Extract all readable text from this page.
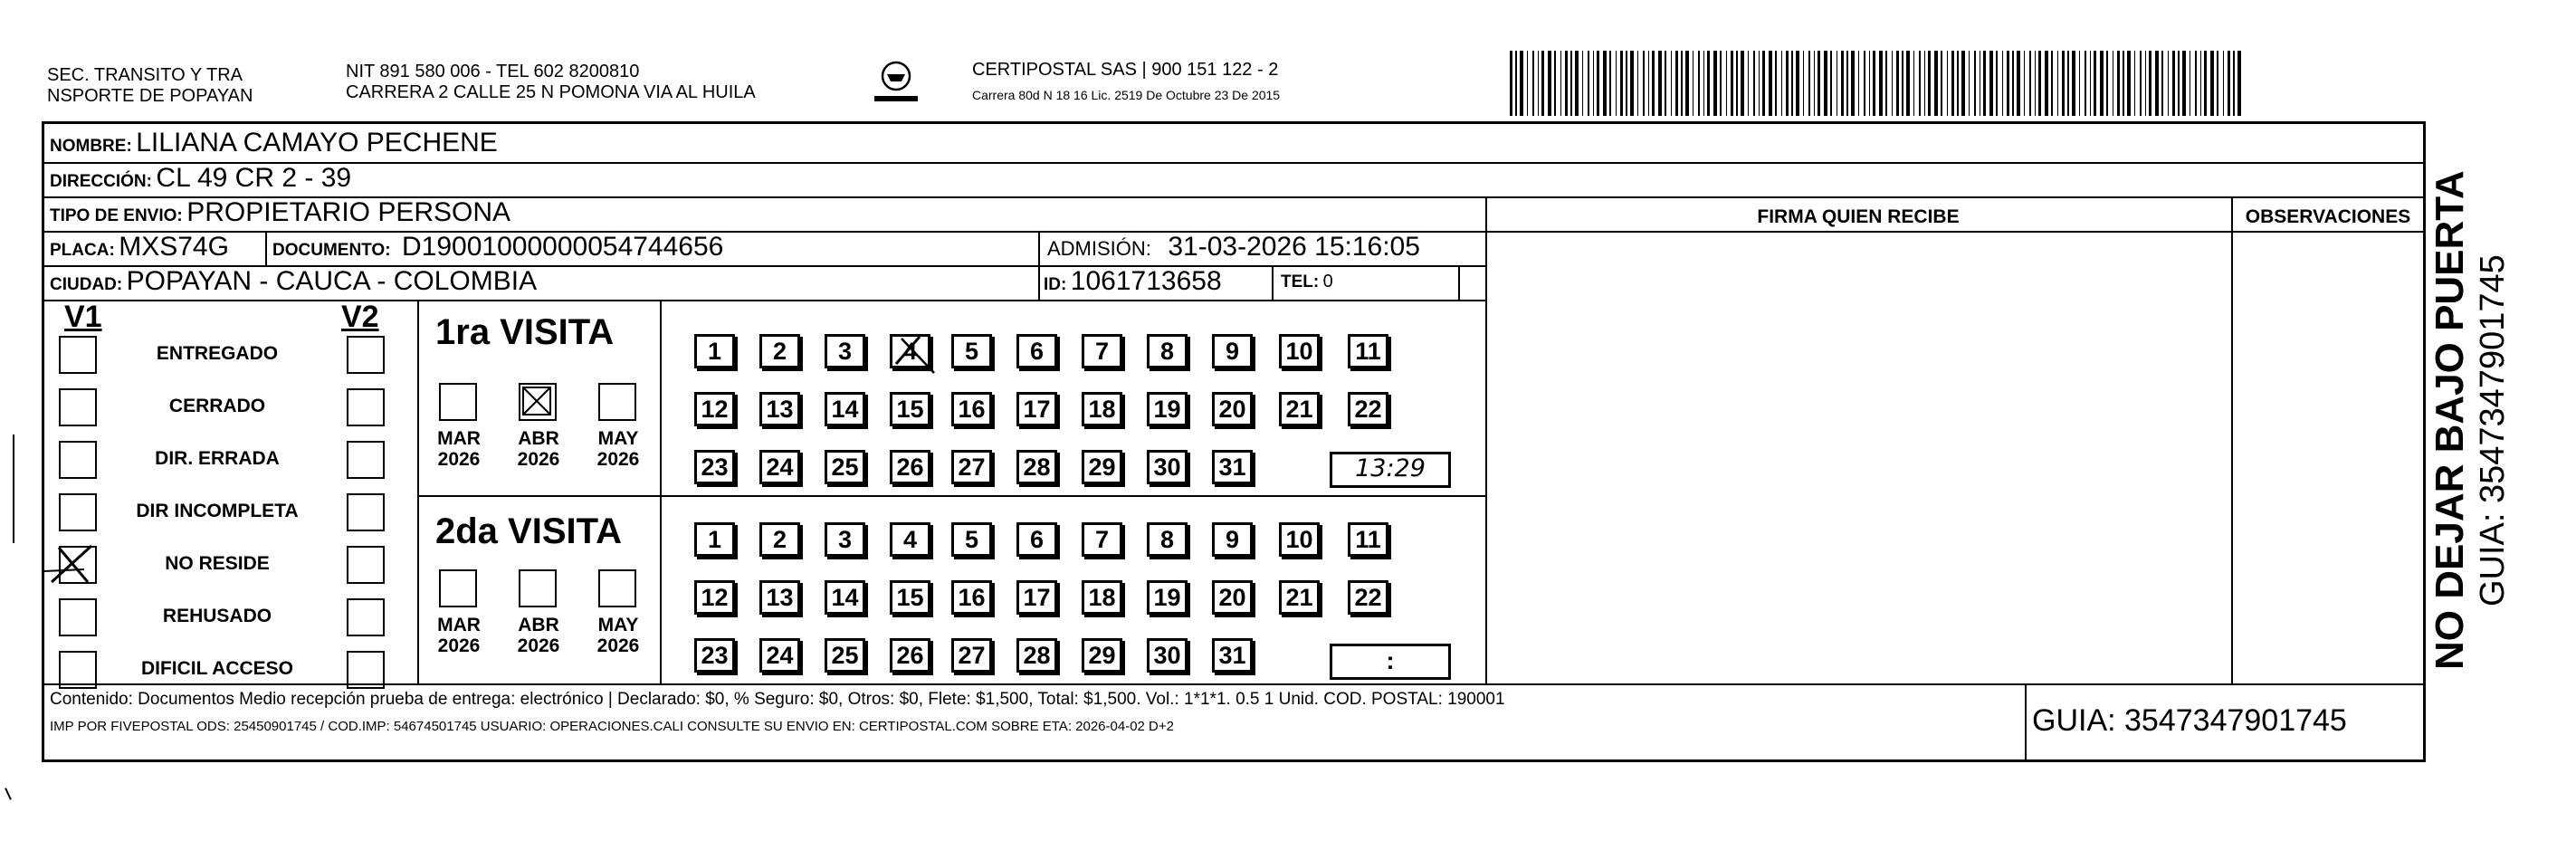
SEC. TRANSITO Y TRA
NSPORTE DE POPAYAN
NIT 891 580 006 - TEL 602 8200810
CARRERA 2 CALLE 25 N POMONA VIA AL HUILA
CERTIPOSTAL SAS | 900 151 122 - 2
Carrera 80d N 18 16 Lic. 2519 De Octubre 23 De 2015
NOMBRE: LILIANA CAMAYO PECHENE
DIRECCIÓN: CL 49 CR 2 - 39
TIPO DE ENVIO: PROPIETARIO PERSONA	FIRMA QUIEN RECIBE	OBSERVACIONES
PLACA: MXS74G	DOCUMENTO: D19001000000054744656	ADMISIÓN: 31-03-2026 15:16:05
CIUDAD: POPAYAN - CAUCA - COLOMBIA	ID: 1061713658	TEL: 0
V1	V2
ENTREGADO
CERRADO
DIR. ERRADA
DIR INCOMPLETA
NO RESIDE
REHUSADO
DIFICIL ACCESO
1ra VISITA
2da VISITA
MAR
2026
ABR
2026
MAY
2026
MAR
2026
ABR
2026
MAY
2026
1	2	3	4	5	6	7	8	9	10	11
12 13 14 15 16 17 18 19 20 21 22
23 24 25 26 27 28 29 30 31
1	2	3	4	5	6	7	8	9	10	11
12 13 14 15 16 17 18 19 20 21 22
23 24 25 26 27 28 29 30 31
13:29
:
Contenido: Documentos Medio recepción prueba de entrega: electrónico | Declarado: $0, % Seguro: $0, Otros: $0, Flete: $1,500, Total: $1,500. Vol.: 1*1*1. 0.5 1 Unid. COD. POSTAL: 190001
IMP POR FIVEPOSTAL ODS: 25450901745 / COD.IMP: 54674501745 USUARIO: OPERACIONES.CALI CONSULTE SU ENVIO EN: CERTIPOSTAL.COM SOBRE ETA: 2026-04-02 D+2	GUIA: 3547347901745
NO DEJAR BAJO PUERTA GUIA: 3547347901745
